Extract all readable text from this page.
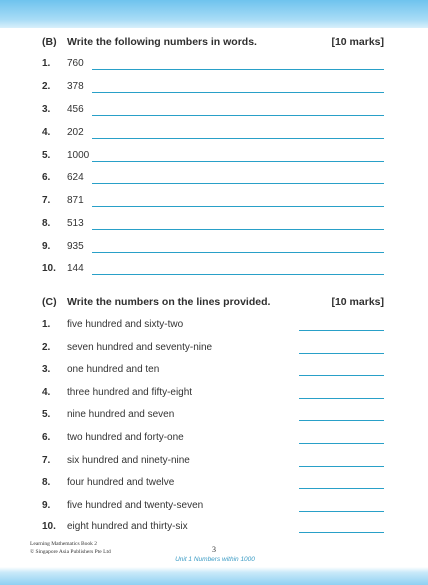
(B) Write the following numbers in words.	[10 marks]
1. 760
2. 378
3. 456
4. 202
5. 1000
6. 624
7. 871
8. 513
9. 935
10. 144
(C) Write the numbers on the lines provided.	[10 marks]
1. five hundred and sixty-two
2. seven hundred and seventy-nine
3. one hundred and ten
4. three hundred and fifty-eight
5. nine hundred and seven
6. two hundred and forty-one
7. six hundred and ninety-nine
8. four hundred and twelve
9. five hundred and twenty-seven
10. eight hundred and thirty-six
Learning Mathematics Book 2
© Singapore Asia Publishers Pte Ltd	3
Unit 1 Numbers within 1000
